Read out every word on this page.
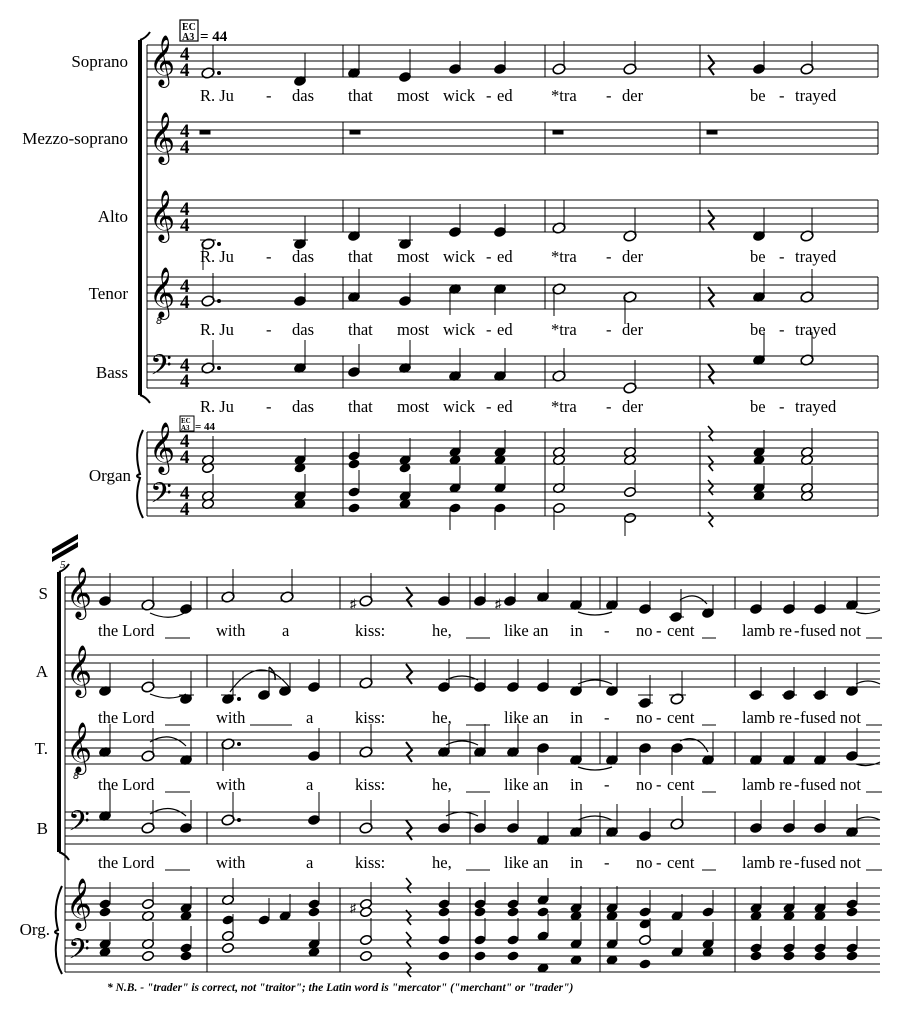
EC
A3 = 44
Soprano
Mezzo-soprano
Alto
Tenor
Bass
Organ
𝄞
𝄞
𝄞
𝄞
8
𝄞
𝄢
𝄢
4
4
4
4
4
4
4
4
4
4
4
4
4
4
EC
A3 = 44
R. Ju - das that most wick - ed *tra - der	be - trayed
R. Ju - das that most wick - ed *tra - der	be - trayed
R. Ju - das that most wick - ed *tra - der	be - trayed
R. Ju - das that most wick - ed *tra - der	be - trayed
5
S
A
T.
B
Org.
𝄞
𝄞
𝄞
8
𝄞
𝄢
𝄢
♯	♯
♯
the Lord	with a	kiss:	he,	like an in - no - cent	lamb re - fused not
the Lord	with	a	kiss:	he,	like an in - no - cent	lamb re - fused not
the Lord	with	a	kiss:	he,	like an in - no - cent	lamb re - fused not
the Lord	with	a	kiss:	he,	like an in - no - cent	lamb re - fused not
* N.B. - "trader" is correct, not "traitor"; the Latin word is "mercator" ("merchant" or "trader")
